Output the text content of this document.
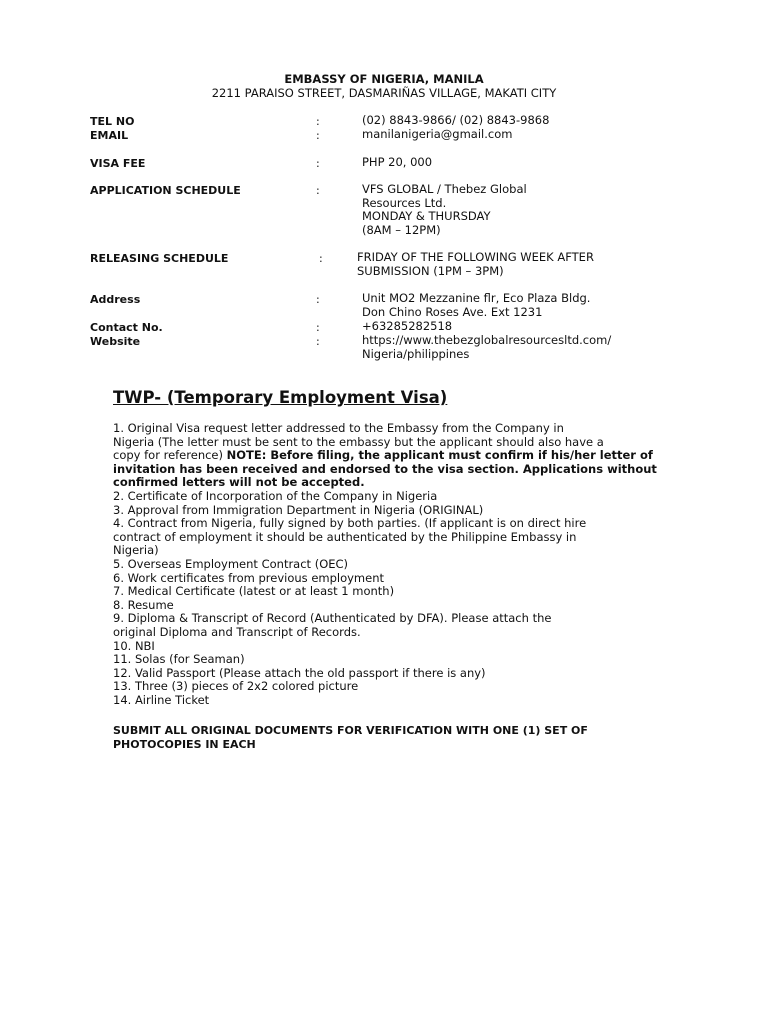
EMBASSY OF NIGERIA, MANILA
2211 PARAISO STREET, DASMARIÑAS VILLAGE, MAKATI CITY
TEL NO	:	(02) 8843-9866/ (02) 8843-9868
EMAIL	:	manilanigeria@gmail.com
VISA FEE	:	PHP 20, 000
APPLICATION SCHEDULE	:	VFS GLOBAL / Thebez Global
Resources Ltd.
MONDAY & THURSDAY
(8AM – 12PM)
RELEASING SCHEDULE	:	FRIDAY OF THE FOLLOWING WEEK AFTER
SUBMISSION (1PM – 3PM)
Address	:	Unit MO2 Mezzanine flr, Eco Plaza Bldg.
Don Chino Roses Ave. Ext 1231
Contact No.	:	+63285282518
Website	:	https://www.thebezglobalresourcesltd.com/
Nigeria/philippines
TWP- (Temporary Employment Visa)
1. Original Visa request letter addressed to the Embassy from the Company in
Nigeria (The letter must be sent to the embassy but the applicant should also have a
copy for reference) NOTE: Before filing, the applicant must confirm if his/her letter of
invitation has been received and endorsed to the visa section. Applications without
confirmed letters will not be accepted.
2. Certificate of Incorporation of the Company in Nigeria
3. Approval from Immigration Department in Nigeria (ORIGINAL)
4. Contract from Nigeria, fully signed by both parties. (If applicant is on direct hire
contract of employment it should be authenticated by the Philippine Embassy in
Nigeria)
5. Overseas Employment Contract (OEC)
6. Work certificates from previous employment
7. Medical Certificate (latest or at least 1 month)
8. Resume
9. Diploma & Transcript of Record (Authenticated by DFA). Please attach the
original Diploma and Transcript of Records.
10. NBI
11. Solas (for Seaman)
12. Valid Passport (Please attach the old passport if there is any)
13. Three (3) pieces of 2x2 colored picture
14. Airline Ticket
SUBMIT ALL ORIGINAL DOCUMENTS FOR VERIFICATION WITH ONE (1) SET OF
PHOTOCOPIES IN EACH
